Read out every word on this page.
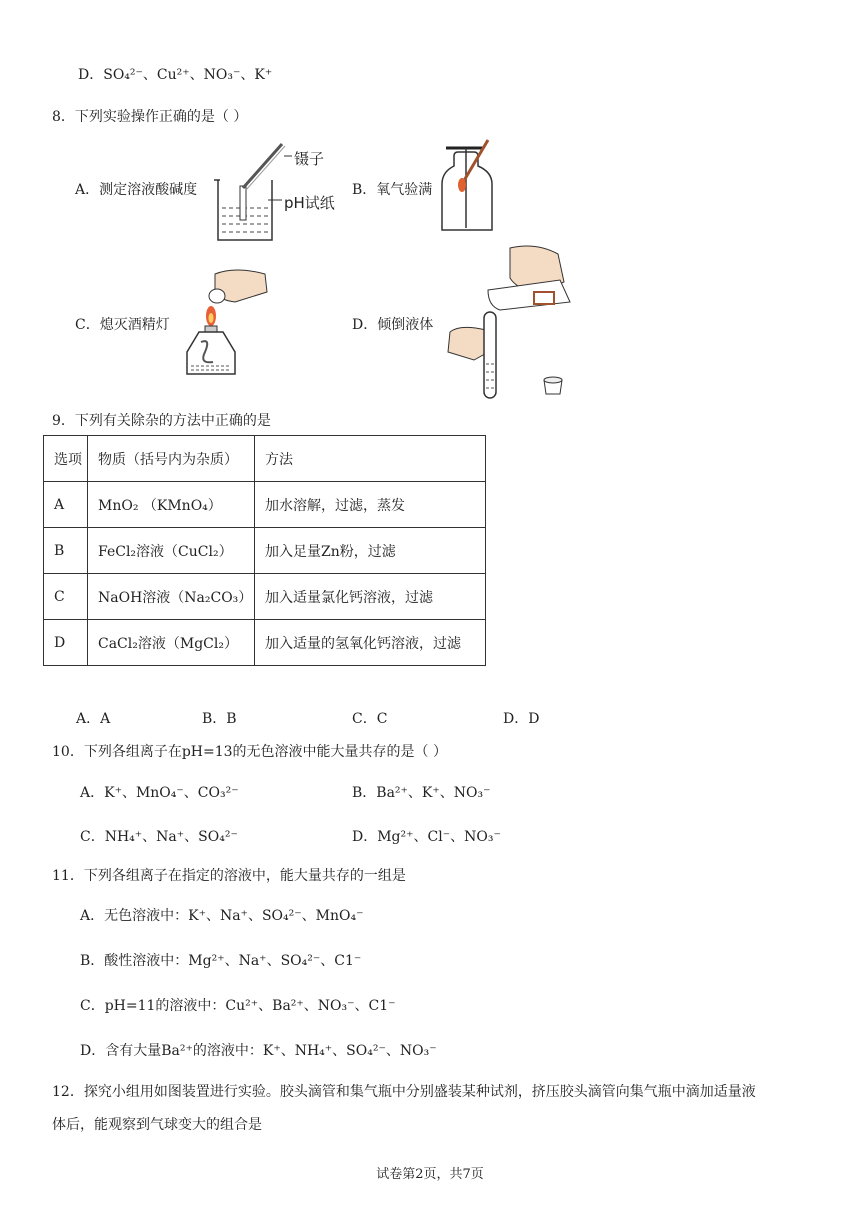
D．SO₄²⁻、Cu²⁺、NO₃⁻、K⁺
8．下列实验操作正确的是（ ）
A．测定溶液酸碱度	B．氧气验满
C．熄灭酒精灯	D．倾倒液体
镊子
pH试纸
9．下列有关除杂的方法中正确的是
选项	物质（括号内为杂质）	方法
A	MnO₂ （KMnO₄）	加水溶解，过滤，蒸发
B	FeCl₂溶液（CuCl₂）	加入足量Zn粉，过滤
C	NaOH溶液（Na₂CO₃）	加入适量氯化钙溶液，过滤
D	CaCl₂溶液（MgCl₂）	加入适量的氢氧化钙溶液，过滤
A．A	B．B	C．C	D．D
10．下列各组离子在pH=13的无色溶液中能大量共存的是（ ）
A．K⁺、MnO₄⁻、CO₃²⁻	B．Ba²⁺、K⁺、NO₃⁻
C．NH₄⁺、Na⁺、SO₄²⁻	D．Mg²⁺、Cl⁻、NO₃⁻
11．下列各组离子在指定的溶液中，能大量共存的一组是
A．无色溶液中：K⁺、Na⁺、SO₄²⁻、MnO₄⁻
B．酸性溶液中：Mg²⁺、Na⁺、SO₄²⁻、C1⁻
C．pH=11的溶液中：Cu²⁺、Ba²⁺、NO₃⁻、C1⁻
D．含有大量Ba²⁺的溶液中：K⁺、NH₄⁺、SO₄²⁻、NO₃⁻
12．探究小组用如图装置进行实验。胶头滴管和集气瓶中分别盛装某种试剂，挤压胶头滴管向集气瓶中滴加适量液
体后，能观察到气球变大的组合是
试卷第2页，共7页
